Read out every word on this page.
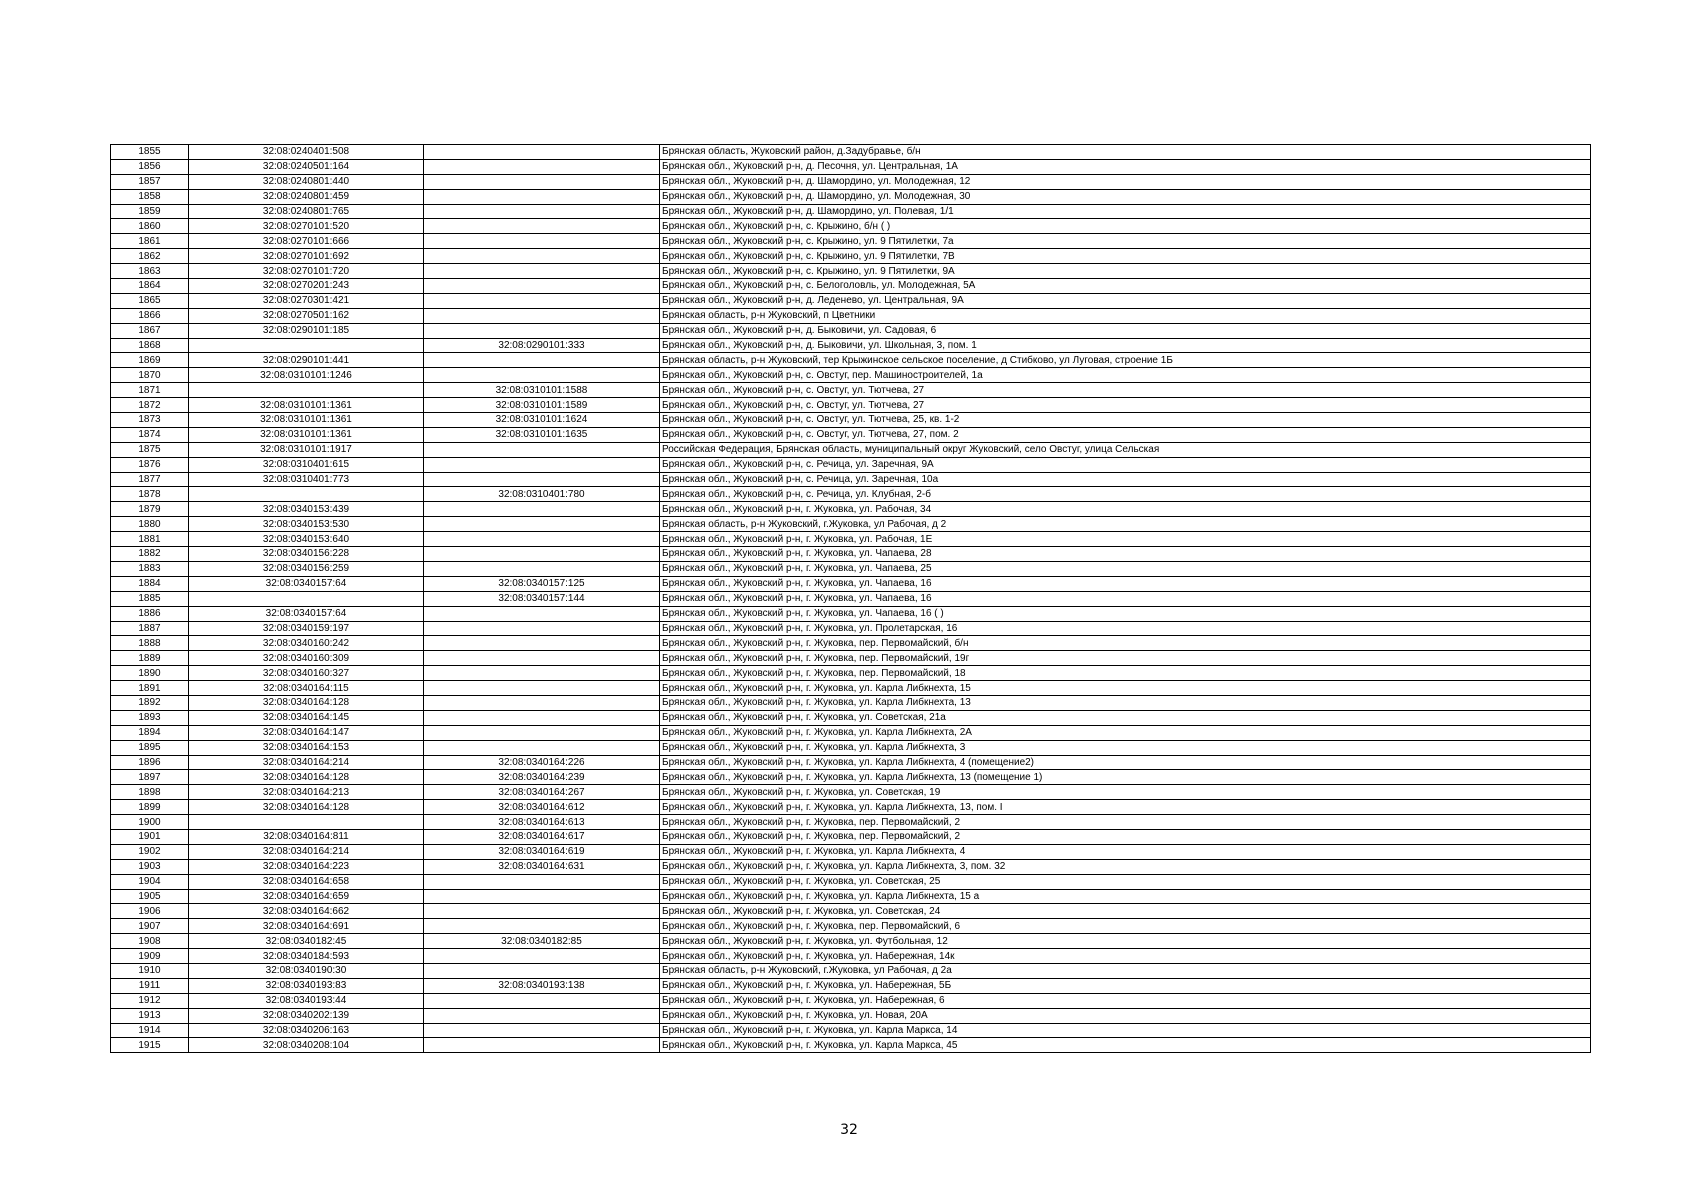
1855	32:08:0240401:508		Брянская область, Жуковский район, д.Задубравье, б/н
1856	32:08:0240501:164		Брянская обл., Жуковский р-н, д. Песочня, ул. Центральная, 1А
1857	32:08:0240801:440		Брянская обл., Жуковский р-н, д. Шамордино, ул. Молодежная, 12
1858	32:08:0240801:459		Брянская обл., Жуковский р-н, д. Шамордино, ул. Молодежная, 30
1859	32:08:0240801:765		Брянская обл., Жуковский р-н, д. Шамордино, ул. Полевая, 1/1
1860	32:08:0270101:520		Брянская обл., Жуковский р-н, с. Крыжино, б/н ( )
1861	32:08:0270101:666		Брянская обл., Жуковский р-н, с. Крыжино, ул. 9 Пятилетки, 7а
1862	32:08:0270101:692		Брянская обл., Жуковский р-н, с. Крыжино, ул. 9 Пятилетки, 7В
1863	32:08:0270101:720		Брянская обл., Жуковский р-н, с. Крыжино, ул. 9 Пятилетки, 9А
1864	32:08:0270201:243		Брянская обл., Жуковский р-н, с. Белоголовль, ул. Молодежная, 5А
1865	32:08:0270301:421		Брянская обл., Жуковский р-н, д. Леденево, ул. Центральная, 9А
1866	32:08:0270501:162		Брянская область, р-н Жуковский, п Цветники
1867	32:08:0290101:185		Брянская обл., Жуковский р-н, д. Быковичи, ул. Садовая, 6
1868		32:08:0290101:333	Брянская обл., Жуковский р-н, д. Быковичи, ул. Школьная, 3, пом. 1
1869	32:08:0290101:441		Брянская область, р-н Жуковский, тер Крыжинское сельское поселение, д Стибково, ул Луговая, строение 1Б
1870	32:08:0310101:1246		Брянская обл., Жуковский р-н, с. Овстуг, пер. Машиностроителей, 1а
1871		32:08:0310101:1588	Брянская обл., Жуковский р-н, с. Овстуг, ул. Тютчева, 27
1872	32:08:0310101:1361	32:08:0310101:1589	Брянская обл., Жуковский р-н, с. Овстуг, ул. Тютчева, 27
1873	32:08:0310101:1361	32:08:0310101:1624	Брянская обл., Жуковский р-н, с. Овстуг, ул. Тютчева, 25, кв. 1-2
1874	32:08:0310101:1361	32:08:0310101:1635	Брянская обл., Жуковский р-н, с. Овстуг, ул. Тютчева, 27, пом. 2
1875	32:08:0310101:1917		Российская Федерация, Брянская область, муниципальный округ Жуковский, село Овстуг, улица Сельская
1876	32:08:0310401:615		Брянская обл., Жуковский р-н, с. Речица, ул. Заречная, 9А
1877	32:08:0310401:773		Брянская обл., Жуковский р-н, с. Речица, ул. Заречная, 10а
1878		32:08:0310401:780	Брянская обл., Жуковский р-н, с. Речица, ул. Клубная, 2-б
1879	32:08:0340153:439		Брянская обл., Жуковский р-н, г. Жуковка, ул. Рабочая, 34
1880	32:08:0340153:530		Брянская область, р-н Жуковский, г.Жуковка, ул Рабочая, д 2
1881	32:08:0340153:640		Брянская обл., Жуковский р-н, г. Жуковка, ул. Рабочая, 1Е
1882	32:08:0340156:228		Брянская обл., Жуковский р-н, г. Жуковка, ул. Чапаева, 28
1883	32:08:0340156:259		Брянская обл., Жуковский р-н, г. Жуковка, ул. Чапаева, 25
1884	32:08:0340157:64	32:08:0340157:125	Брянская обл., Жуковский р-н, г. Жуковка, ул. Чапаева, 16
1885		32:08:0340157:144	Брянская обл., Жуковский р-н, г. Жуковка, ул. Чапаева, 16
1886	32:08:0340157:64		Брянская обл., Жуковский р-н, г. Жуковка, ул. Чапаева, 16 ( )
1887	32:08:0340159:197		Брянская обл., Жуковский р-н, г. Жуковка, ул. Пролетарская, 16
1888	32:08:0340160:242		Брянская обл., Жуковский р-н, г. Жуковка, пер. Первомайский, б/н
1889	32:08:0340160:309		Брянская обл., Жуковский р-н, г. Жуковка, пер. Первомайский, 19г
1890	32:08:0340160:327		Брянская обл., Жуковский р-н, г. Жуковка, пер. Первомайский, 18
1891	32:08:0340164:115		Брянская обл., Жуковский р-н, г. Жуковка, ул. Карла Либкнехта, 15
1892	32:08:0340164:128		Брянская обл., Жуковский р-н, г. Жуковка, ул. Карла Либкнехта, 13
1893	32:08:0340164:145		Брянская обл., Жуковский р-н, г. Жуковка, ул. Советская, 21а
1894	32:08:0340164:147		Брянская обл., Жуковский р-н, г. Жуковка, ул. Карла Либкнехта, 2А
1895	32:08:0340164:153		Брянская обл., Жуковский р-н, г. Жуковка, ул. Карла Либкнехта, 3
1896	32:08:0340164:214	32:08:0340164:226	Брянская обл., Жуковский р-н, г. Жуковка, ул. Карла Либкнехта, 4 (помещение2)
1897	32:08:0340164:128	32:08:0340164:239	Брянская обл., Жуковский р-н, г. Жуковка, ул. Карла Либкнехта, 13 (помещение 1)
1898	32:08:0340164:213	32:08:0340164:267	Брянская обл., Жуковский р-н, г. Жуковка, ул. Советская, 19
1899	32:08:0340164:128	32:08:0340164:612	Брянская обл., Жуковский р-н, г. Жуковка, ул. Карла Либкнехта, 13, пом. I
1900		32:08:0340164:613	Брянская обл., Жуковский р-н, г. Жуковка, пер. Первомайский, 2
1901	32:08:0340164:811	32:08:0340164:617	Брянская обл., Жуковский р-н, г. Жуковка, пер. Первомайский, 2
1902	32:08:0340164:214	32:08:0340164:619	Брянская обл., Жуковский р-н, г. Жуковка, ул. Карла Либкнехта, 4
1903	32:08:0340164:223	32:08:0340164:631	Брянская обл., Жуковский р-н, г. Жуковка, ул. Карла Либкнехта, 3, пом. 32
1904	32:08:0340164:658		Брянская обл., Жуковский р-н, г. Жуковка, ул. Советская, 25
1905	32:08:0340164:659		Брянская обл., Жуковский р-н, г. Жуковка, ул. Карла Либкнехта, 15 а
1906	32:08:0340164:662		Брянская обл., Жуковский р-н, г. Жуковка, ул. Советская, 24
1907	32:08:0340164:691		Брянская обл., Жуковский р-н, г. Жуковка, пер. Первомайский, 6
1908	32:08:0340182:45	32:08:0340182:85	Брянская обл., Жуковский р-н, г. Жуковка, ул. Футбольная, 12
1909	32:08:0340184:593		Брянская обл., Жуковский р-н, г. Жуковка, ул. Набережная, 14к
1910	32:08:0340190:30		Брянская область, р-н Жуковский, г.Жуковка, ул Рабочая, д 2а
1911	32:08:0340193:83	32:08:0340193:138	Брянская обл., Жуковский р-н, г. Жуковка, ул. Набережная, 5Б
1912	32:08:0340193:44		Брянская обл., Жуковский р-н, г. Жуковка, ул. Набережная, 6
1913	32:08:0340202:139		Брянская обл., Жуковский р-н, г. Жуковка, ул. Новая, 20А
1914	32:08:0340206:163		Брянская обл., Жуковский р-н, г. Жуковка, ул. Карла Маркса, 14
1915	32:08:0340208:104		Брянская обл., Жуковский р-н, г. Жуковка, ул. Карла Маркса, 45
32
